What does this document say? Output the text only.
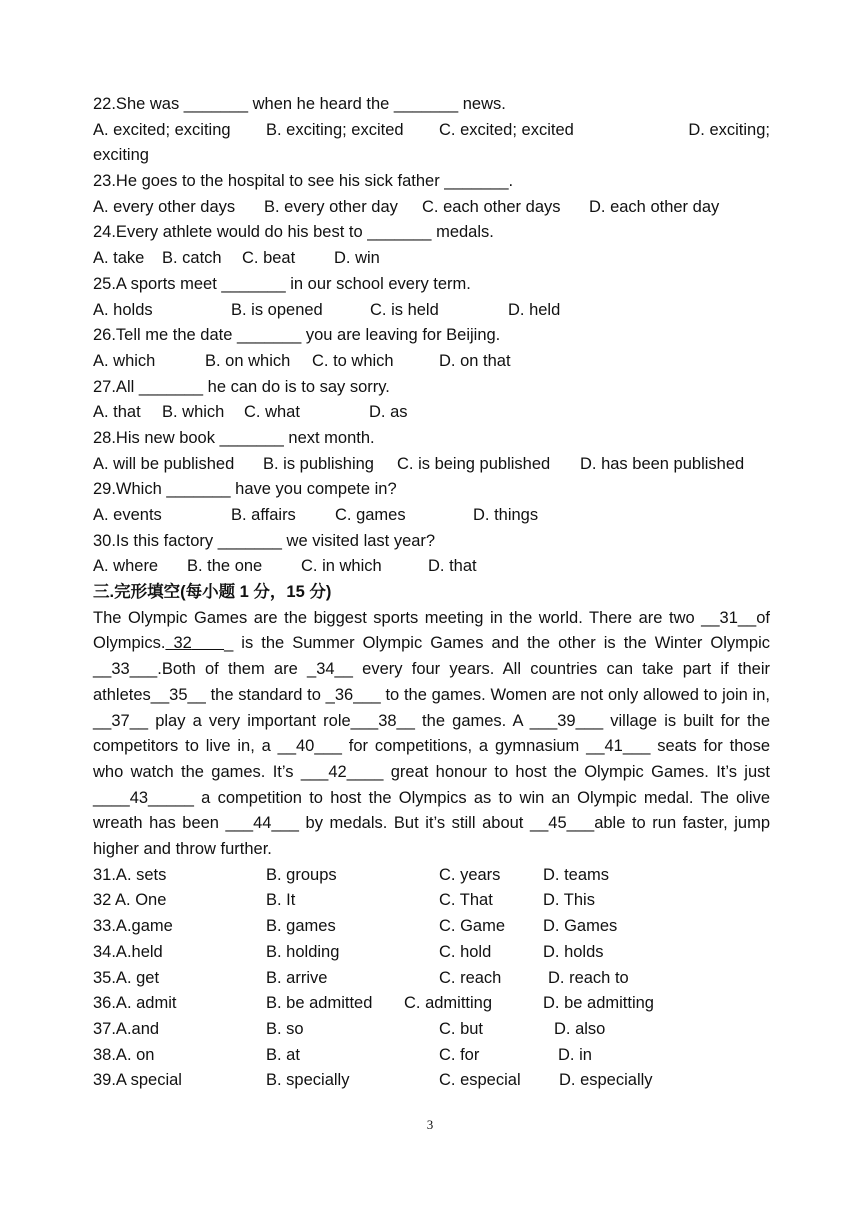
22.She was _______ when he heard the _______ news.
A. excited; exciting B. exciting; excited C. excited; excited	D. exciting;
exciting
23.He goes to the hospital to see his sick father _______.
A. every other days B. every other day C. each other days D. each other day
24.Every athlete would do his best to _______ medals.
A. take B. catch C. beat D. win
25.A sports meet _______ in our school every term.
A. holds	B. is opened	C. is held	D. held
26.Tell me the date _______ you are leaving for Beijing.
A. which	B. on which C. to which	D. on that
27.All _______ he can do is to say sorry.
A. that B. which C. what	D. as
28.His new book _______ next month.
A. will be published B. is publishing C. is being published D. has been published
29.Which _______ have you compete in?
A. events	B. affairs C. games	D. things
30.Is this factory _______ we visited last year?
A. where B. the one C. in which	D. that
三.完形填空(每小题 1 分，15 分)

The Olympic Games are the biggest sports meeting in the world. There are two __31__of Olympics. 32 _ is the Summer Olympic Games and the other is the Winter Olympic __33___.Both of them are _34__ every four years. All countries can take part if their athletes__35__ the standard to _36___ to the games. Women are not only allowed to join in, __37__ play a very important role___38__ the games. A ___39___ village is built for the competitors to live in, a __40___ for competitions, a gymnasium __41___ seats for those who watch the games. It’s ___42____ great honour to host the Olympic Games. It’s just ____43_____ a competition to host the Olympics as to win an Olympic medal. The olive wreath has been ___44___ by medals. But it’s still about __45___able to run faster, jump higher and throw further.

31.A. sets	B. groups	C. years	D. teams
32 A. One	B. It	C. That	D. This
33.A.game	B. games	C. Game D. Games
34.A.held	B. holding	C. hold	D. holds
35.A. get	B. arrive	C. reach	D. reach to
36.A. admit	B. be admitted C. admitting	D. be admitting
37.A.and	B. so	C. but	D. also
38.A. on	B. at	C. for	D. in
39.A special	B. specially	C. especial D. especially
3
